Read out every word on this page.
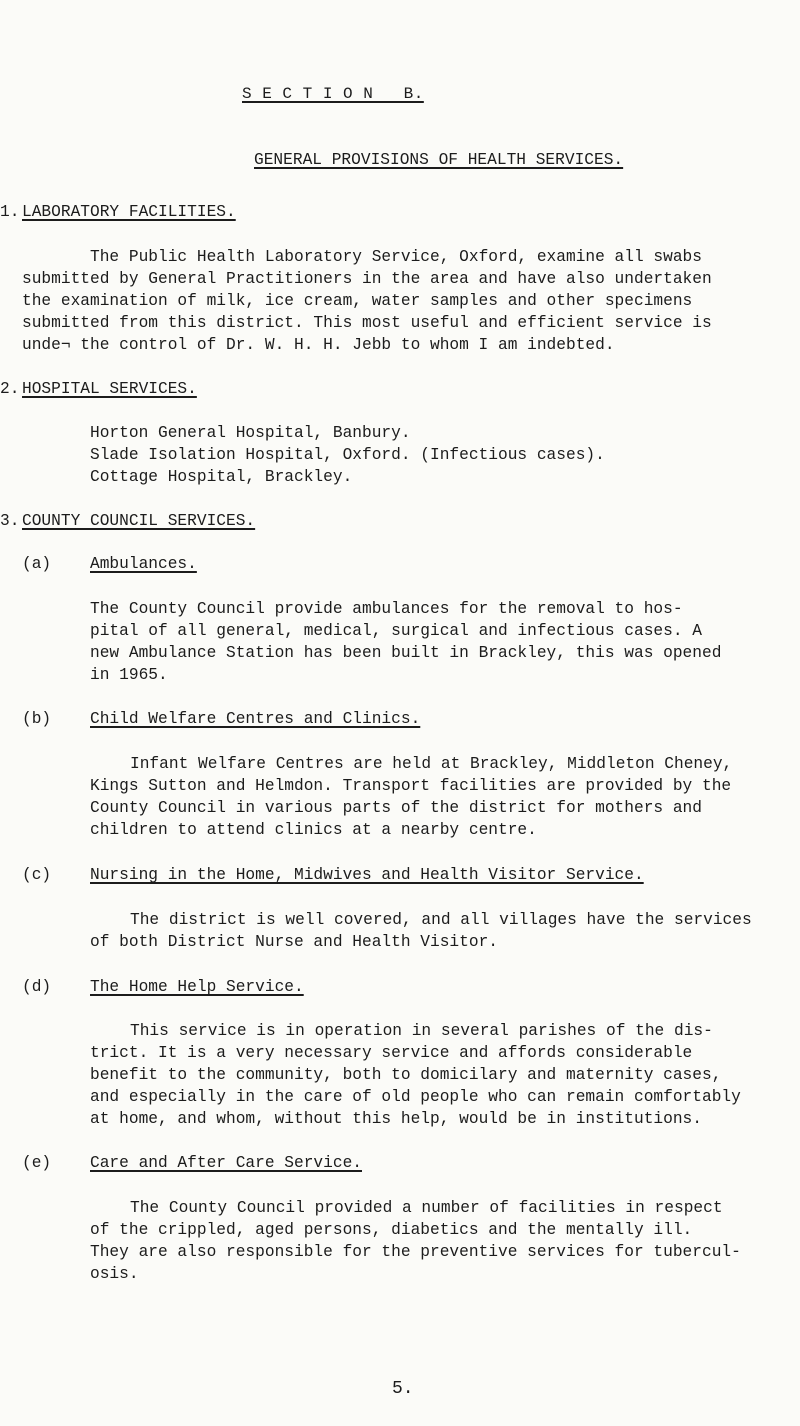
S E C T I O N   B.
GENERAL PROVISIONS OF HEALTH SERVICES.
1. LABORATORY FACILITIES.
The Public Health Laboratory Service, Oxford, examine all swabs
submitted by General Practitioners in the area and have also undertaken
the examination of milk, ice cream, water samples and other specimens
submitted from this district. This most useful and efficient service is
unde¬ the control of Dr. W. H. H. Jebb to whom I am indebted.
2. HOSPITAL SERVICES.
Horton General Hospital, Banbury.
Slade Isolation Hospital, Oxford. (Infectious cases).
Cottage Hospital, Brackley.
3. COUNTY COUNCIL SERVICES.
(a) Ambulances.
The County Council provide ambulances for the removal to hos-
pital of all general, medical, surgical and infectious cases. A
new Ambulance Station has been built in Brackley, this was opened
in 1965.
(b) Child Welfare Centres and Clinics.
Infant Welfare Centres are held at Brackley, Middleton Cheney,
Kings Sutton and Helmdon. Transport facilities are provided by the
County Council in various parts of the district for mothers and
children to attend clinics at a nearby centre.
(c) Nursing in the Home, Midwives and Health Visitor Service.
The district is well covered, and all villages have the services
of both District Nurse and Health Visitor.
(d) The Home Help Service.
This service is in operation in several parishes of the dis-
trict. It is a very necessary service and affords considerable
benefit to the community, both to domicilary and maternity cases,
and especially in the care of old people who can remain comfortably
at home, and whom, without this help, would be in institutions.
(e) Care and After Care Service.
The County Council provided a number of facilities in respect
of the crippled, aged persons, diabetics and the mentally ill.
They are also responsible for the preventive services for tubercul-
osis.
5.
